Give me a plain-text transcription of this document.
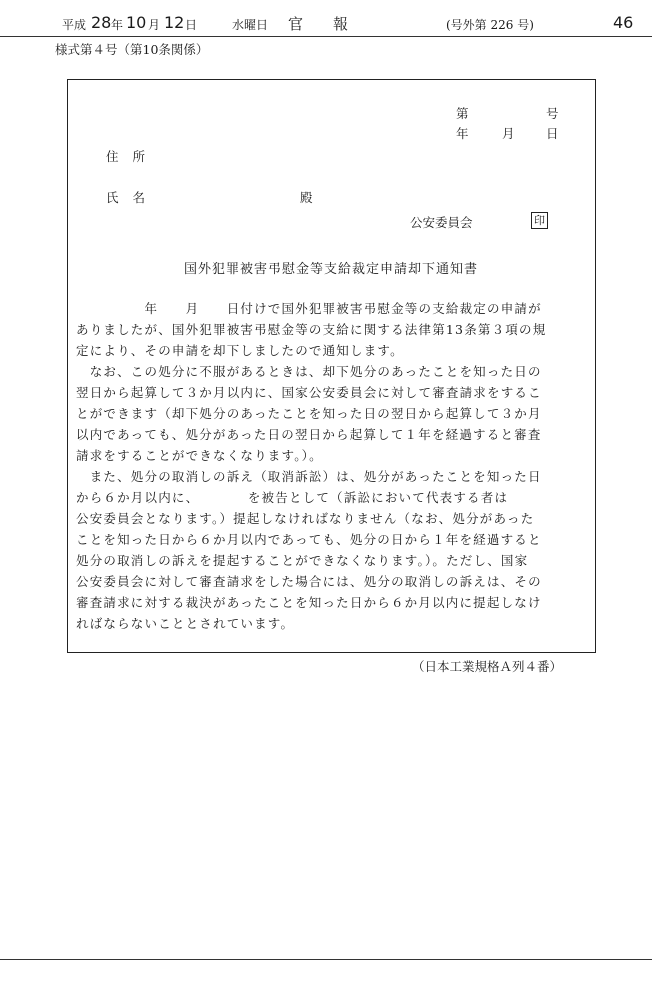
平成 28 年 10 月 12 日	水曜日 官報	(号外第 226 号)	46
様式第４号（第10条関係）
第	号
年	月	日
住所
氏名	殿
公安委員会	印
国外犯罪被害弔慰金等支給裁定申請却下通知書
　　　　　年　　月　　日付けで国外犯罪被害弔慰金等の支給裁定の申請が
ありましたが、国外犯罪被害弔慰金等の支給に関する法律第13条第３項の規
定により、その申請を却下しましたので通知します。
　なお、この処分に不服があるときは、却下処分のあったことを知った日の
翌日から起算して３か月以内に、国家公安委員会に対して審査請求をするこ
とができます（却下処分のあったことを知った日の翌日から起算して３か月
以内であっても、処分があった日の翌日から起算して１年を経過すると審査
請求をすることができなくなります。）。
　また、処分の取消しの訴え（取消訴訟）は、処分があったことを知った日
から６か月以内に、　　　　を被告として（訴訟において代表する者は
公安委員会となります。）提起しなければなりません（なお、処分があった
ことを知った日から６か月以内であっても、処分の日から１年を経過すると
処分の取消しの訴えを提起することができなくなります。）。ただし、国家
公安委員会に対して審査請求をした場合には、処分の取消しの訴えは、その
審査請求に対する裁決があったことを知った日から６か月以内に提起しなけ
ればならないこととされています。
（日本工業規格Ａ列４番）
